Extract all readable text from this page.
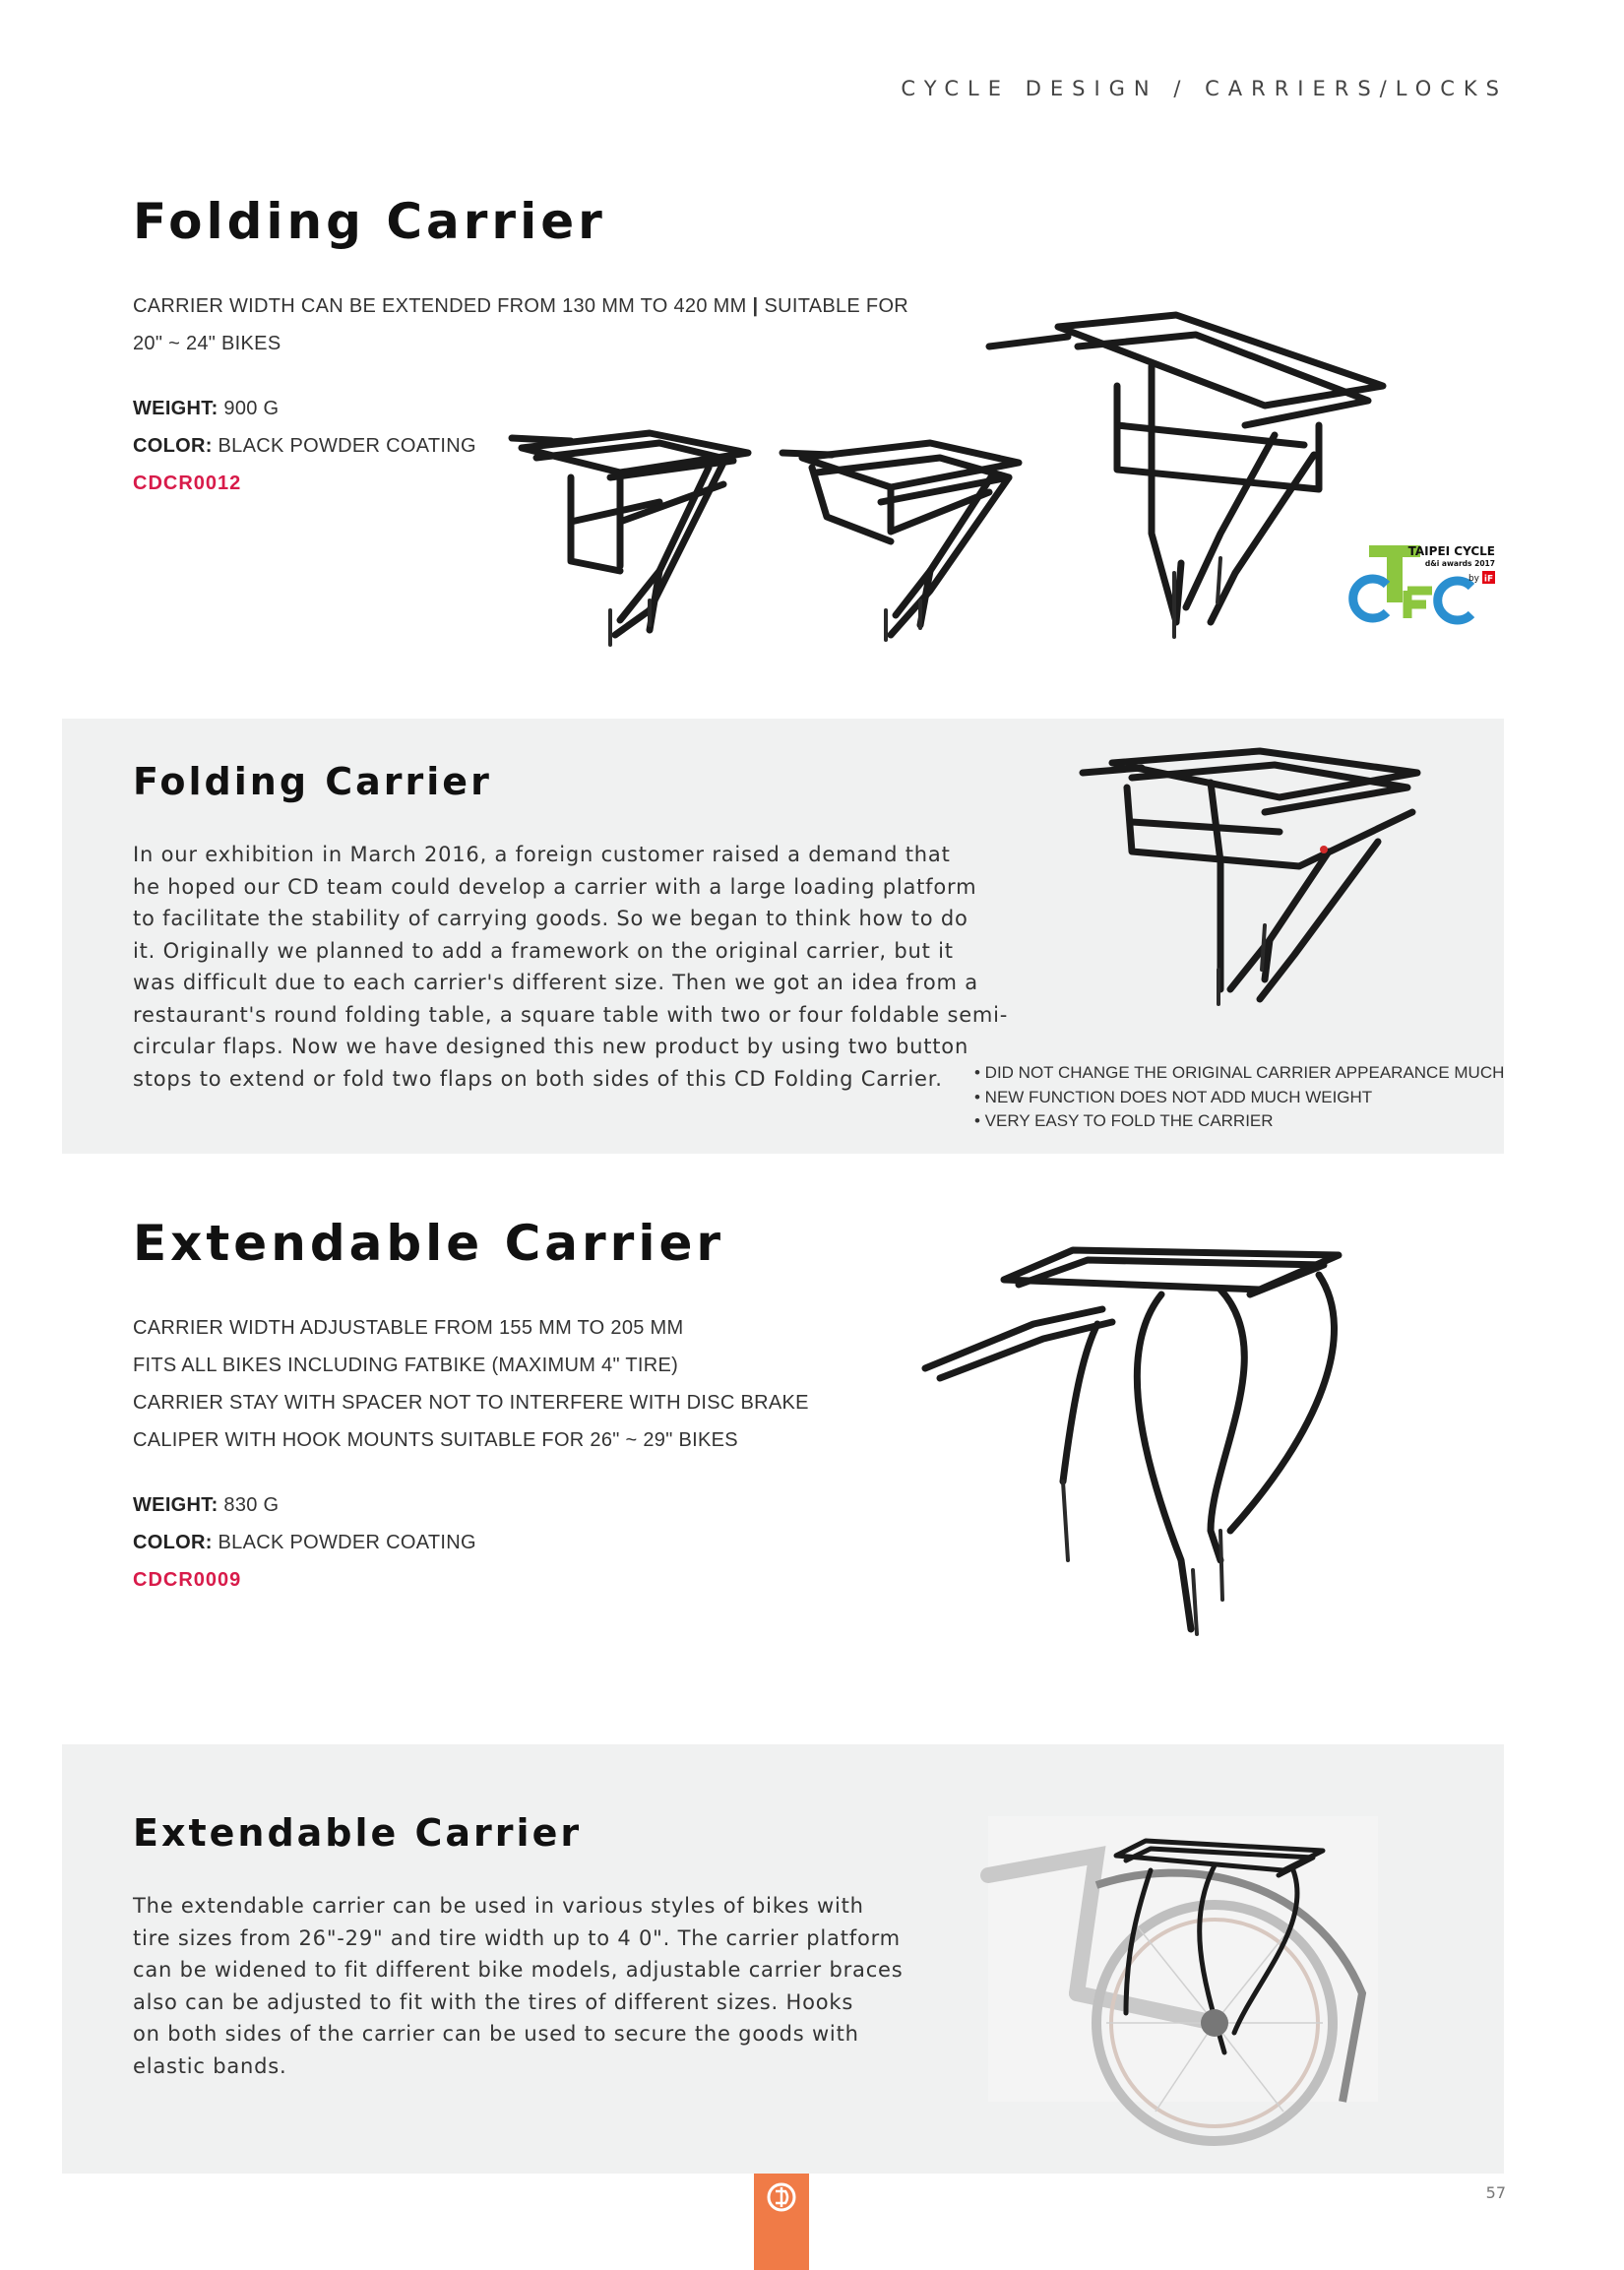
CYCLE DESIGN / CARRIERS/LOCKS
Folding Carrier

CARRIER WIDTH CAN BE EXTENDED FROM 130 MM TO 420 MM | SUITABLE FOR

20" ~ 24" BIKES

WEIGHT: 900 G

COLOR: BLACK POWDER COATING

CDCR0012

TAIPEI CYCLE
d&i awards 2017
by iF
Folding Carrier

In our exhibition in March 2016, a foreign customer raised a demand that

he hoped our CD team could develop a carrier with a large loading platform

to facilitate the stability of carrying goods. So we began to think how to do

it. Originally we planned to add a framework on the original carrier, but it

was difficult due to each carrier's different size. Then we got an idea from a

restaurant's round folding table, a square table with two or four foldable semi-

circular flaps. Now we have designed this new product by using two button

stops to extend or fold two flaps on both sides of this CD Folding Carrier.	• DID NOT CHANGE THE ORIGINAL CARRIER APPEARANCE MUCH

• NEW FUNCTION DOES NOT ADD MUCH WEIGHT

• VERY EASY TO FOLD THE CARRIER

Extendable Carrier

CARRIER WIDTH ADJUSTABLE FROM 155 MM TO 205 MM

FITS ALL BIKES INCLUDING FATBIKE (MAXIMUM 4" TIRE)

CARRIER STAY WITH SPACER NOT TO INTERFERE WITH DISC BRAKE

CALIPER WITH HOOK MOUNTS SUITABLE FOR 26" ~ 29" BIKES

WEIGHT: 830 G

COLOR: BLACK POWDER COATING

CDCR0009

Extendable Carrier

The extendable carrier can be used in various styles of bikes with

tire sizes from 26"-29" and tire width up to 4 0". The carrier platform

can be widened to fit different bike models, adjustable carrier braces

also can be adjusted to fit with the tires of different sizes. Hooks

on both sides of the carrier can be used to secure the goods with

elastic bands.

57
